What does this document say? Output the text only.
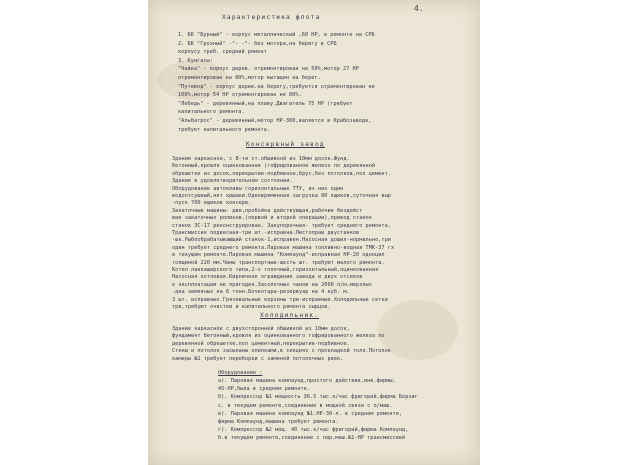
4.
Характеристика флота
1. БК "Бурный" - корпус металлический ,60 НР, в ремонте на СРБ
2. БК "Грозный" -"- -"- без мотора,на берегу в СРБ
корпусу треб. средний ремонт
3. Кунгасы:
"Чайка" - корпус дерев. отремонтирован на 50%,мотор 27 НР
отремонтирован на 80%,мотор вытащен на берег.
"Путевод" - корпус дерев.на берегу,требуется отремонтирован не
100%,мотор 54 НР отремонтирован не 80%.
"Лебедь" - деревянный,на плаву.Двигатель 75 НР (требует
капитального ремонта.
"Альбатрос" - деревянный,мотор НР-300,валяется в Крабозаводе,
требует капитального ремонта.
Консервный завод
Здание каркасное, с 8-ти ст.обшивкой из 10мм досок.Фунд.
бетонный,кровля оцинкованная (гофрированное железо по деревянной
обрешетке из досок,перекрытие-подбивное,брус,без потолков,пол цемент.
Здание в удовлетворительном состоянии.
Оборудование автоклавы горизонтальные ТТУ, из них один
водоотсушный,нет крышки.Одновременная загрузка 80 ящиков,суточная выр
-пуск 700 ящиков консерв.
Закаточные машины- две,пробойка действующая,рабочие бездейст
вие закаточных роликов,(первой и второй операции),привод станок
станок ЗС-17 реконструирован. Закупорочная- требует среднего ремонта.
Трансмиссия подвесная-три шт.-исправна.Листоправ двустанков
-шк.Рыбообрабатывающий станок-1,исправен.Насосная дошил-нормально,три
один требует среднего ремонта.Паровая машина топливно-водная ТМК-37 гх
в текущем ремонте.Паровая машина "Компаунд"-исправная НР-20 одноцил
толщиной 220 мм.Чаны транспортные-шесть шт. требуют малого ремонта.
Котел ланкаширского типа,2-х топочный,горизонтальный,оцинкованная
Насосная котловая.Кирпичное ограждение завода и двух отсеков
к эксплоатации не пригоден.Засолочных чанов на 2000 п/м,мерзлых
-дна земляных на 6 тонн.Бочкотара-резервуар на 4 куб. м.
3 шт. исправных.Грязевальные корзины три-исправные.Холодильные сетки
три,требуют очистки и капитального ремонта сырцов.
Холодильник.
Здание каркасное с двухсторонней обшивкой из 10мм досок,
фундамент бетонный,кровля из оцинкованного гофрированного железа по
деревянной обрешетке,пол цементный,перекрытие-подбивное.
Стены и потолок засыпаны опилками,в секциях с прокладкой толя.Потолок
камеры №1 требует переборки с заменой потолочных реек.
Оборудование :
а). Паровая машина компаунд,простого действия,инв.фирмы,
45-НР,была в среднем ремонте.
б). Компрессор №1 мощность 36.5 тыс.к/час фригорий,фирма Борзиг
с. в текущем ремонте,соединение в мощной связи с п/маш.
в). Паровая машина компаунд №1.НР-30-л. в среднем ремонте,
фирма Компаунд,машина требует ремонта.
г). Компрессор №2 мощ. 40 тыс.к/час фригорий,фирма Компаунд,
б.в текущем ремонте,соединение с пар.маш.№1-НР трансмиссией
